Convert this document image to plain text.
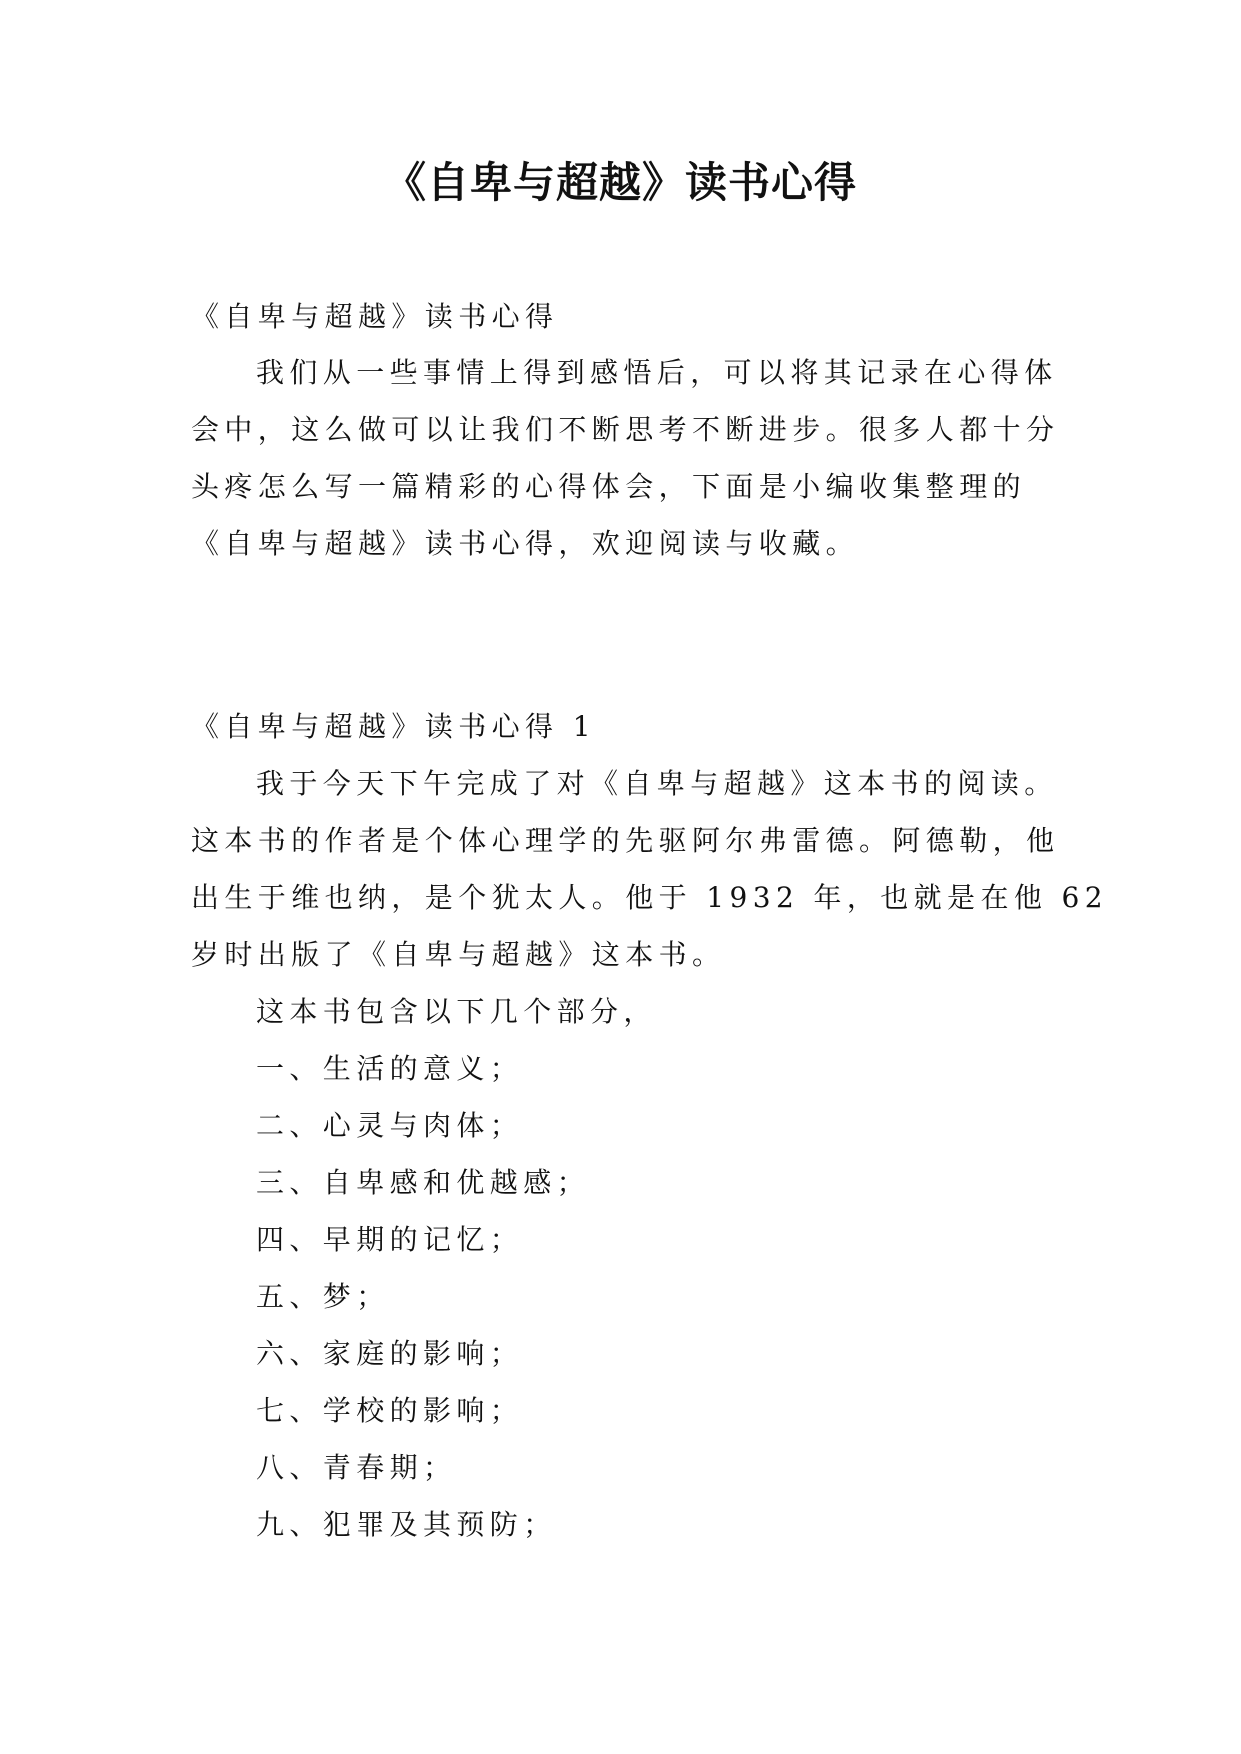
《自卑与超越》读书心得

《自卑与超越》读书心得

我们从一些事情上得到感悟后，可以将其记录在心得体

会中，这么做可以让我们不断思考不断进步。很多人都十分

头疼怎么写一篇精彩的心得体会，下面是小编收集整理的

《自卑与超越》读书心得，欢迎阅读与收藏。

《自卑与超越》读书心得 1

我于今天下午完成了对《自卑与超越》这本书的阅读。

这本书的作者是个体心理学的先驱阿尔弗雷德。阿德勒，他

出生于维也纳，是个犹太人。他于 1932 年，也就是在他 62

岁时出版了《自卑与超越》这本书。

这本书包含以下几个部分，

一、生活的意义；

二、心灵与肉体；

三、自卑感和优越感；

四、早期的记忆；

五、梦；

六、家庭的影响；

七、学校的影响；

八、青春期；

九、犯罪及其预防；
